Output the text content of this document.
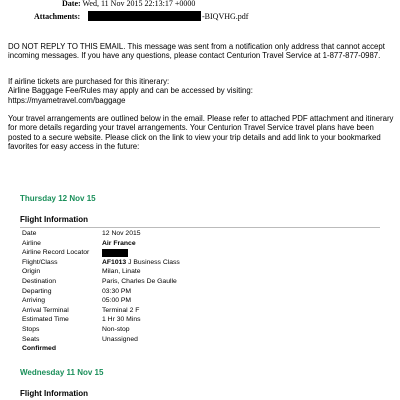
Date: Wed, 11 Nov 2015 22:13:17 +0000
Attachments:	-BIQVHG.pdf

DO NOT REPLY TO THIS EMAIL. This message was sent from a notification only address that cannot accept incoming messages. If you have any questions, please contact Centurion Travel Service at 1-877-877-0987.

If airline tickets are purchased for this itinerary:
Airline Baggage Fee/Rules may apply and can be accessed by visiting:
https://myametravel.com/baggage

Your travel arrangements are outlined below in the email. Please refer to attached PDF attachment and itinerary for more details regarding your travel arrangements. Your Centurion Travel Service travel plans have been posted to a secure website. Please click on the link to view your trip details and add link to your bookmarked favorites for easy access in the future:

Thursday 12 Nov 15
Flight Information
Date	12 Nov 2015
Airline	Air France
Airline Record Locator
Flight/Class	AF1013 J Business Class
Origin	Milan, Linate
Destination	Paris, Charles De Gaulle
Departing	03:30 PM
Arriving	05:00 PM
Arrival Terminal	Terminal 2 F
Estimated Time	1 Hr 30 Mins
Stops	Non-stop
Seats	Unassigned
Confirmed
Wednesday 11 Nov 15
Flight Information
